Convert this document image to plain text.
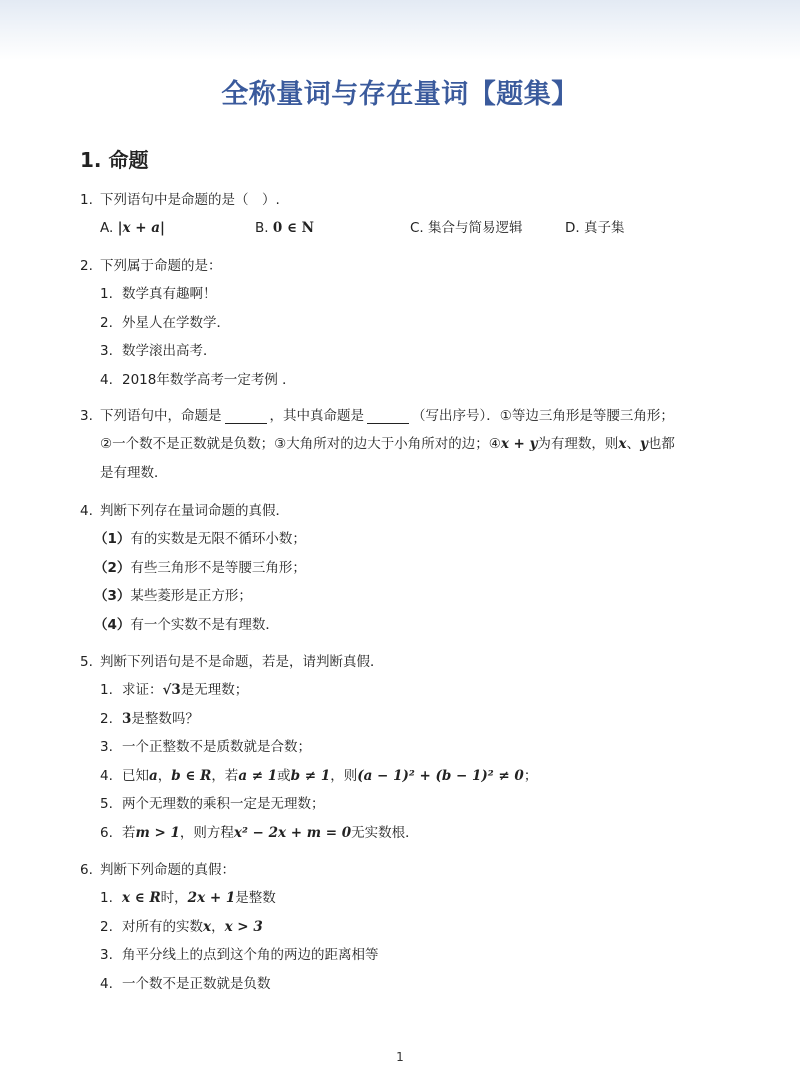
全称量词与存在量词【题集】
1. 命题
1. 下列语句中是命题的是（　）.
A. |x + a|	B. 0 ∈ N	C. 集合与简易逻辑	D. 真子集
2. 下列属于命题的是：
1. 数学真有趣啊！
2. 外星人在学数学．
3. 数学滚出高考．
4. 2018年数学高考一定考例 ．
3. 下列语句中，命题是	，其中真命题是	（写出序号）．①等边三角形是等腰三角形；
②一个数不是正数就是负数；③大角所对的边大于小角所对的边；④x + y为有理数，则x、y也都
是有理数．
4. 判断下列存在量词命题的真假．
（1） 有的实数是无限不循环小数；
（2） 有些三角形不是等腰三角形；
（3） 某些菱形是正方形；
（4） 有一个实数不是有理数．
5. 判断下列语句是不是命题，若是，请判断真假．
1. 求证： √3 是无理数；
2. 3 是整数吗？
3. 一个正整数不是质数就是合数；
4. 已知 a ， b ∈ R ，若 a ≠ 1 或 b ≠ 1 ，则 (a − 1)² + (b − 1)² ≠ 0 ；
5. 两个无理数的乘积一定是无理数；
6. 若 m > 1 ，则方程 x² − 2x + m = 0 无实数根．
6. 判断下列命题的真假：
1. x ∈ R 时， 2x + 1 是整数
2. 对所有的实数 x ， x > 3
3. 角平分线上的点到这个角的两边的距离相等
4. 一个数不是正数就是负数
1
